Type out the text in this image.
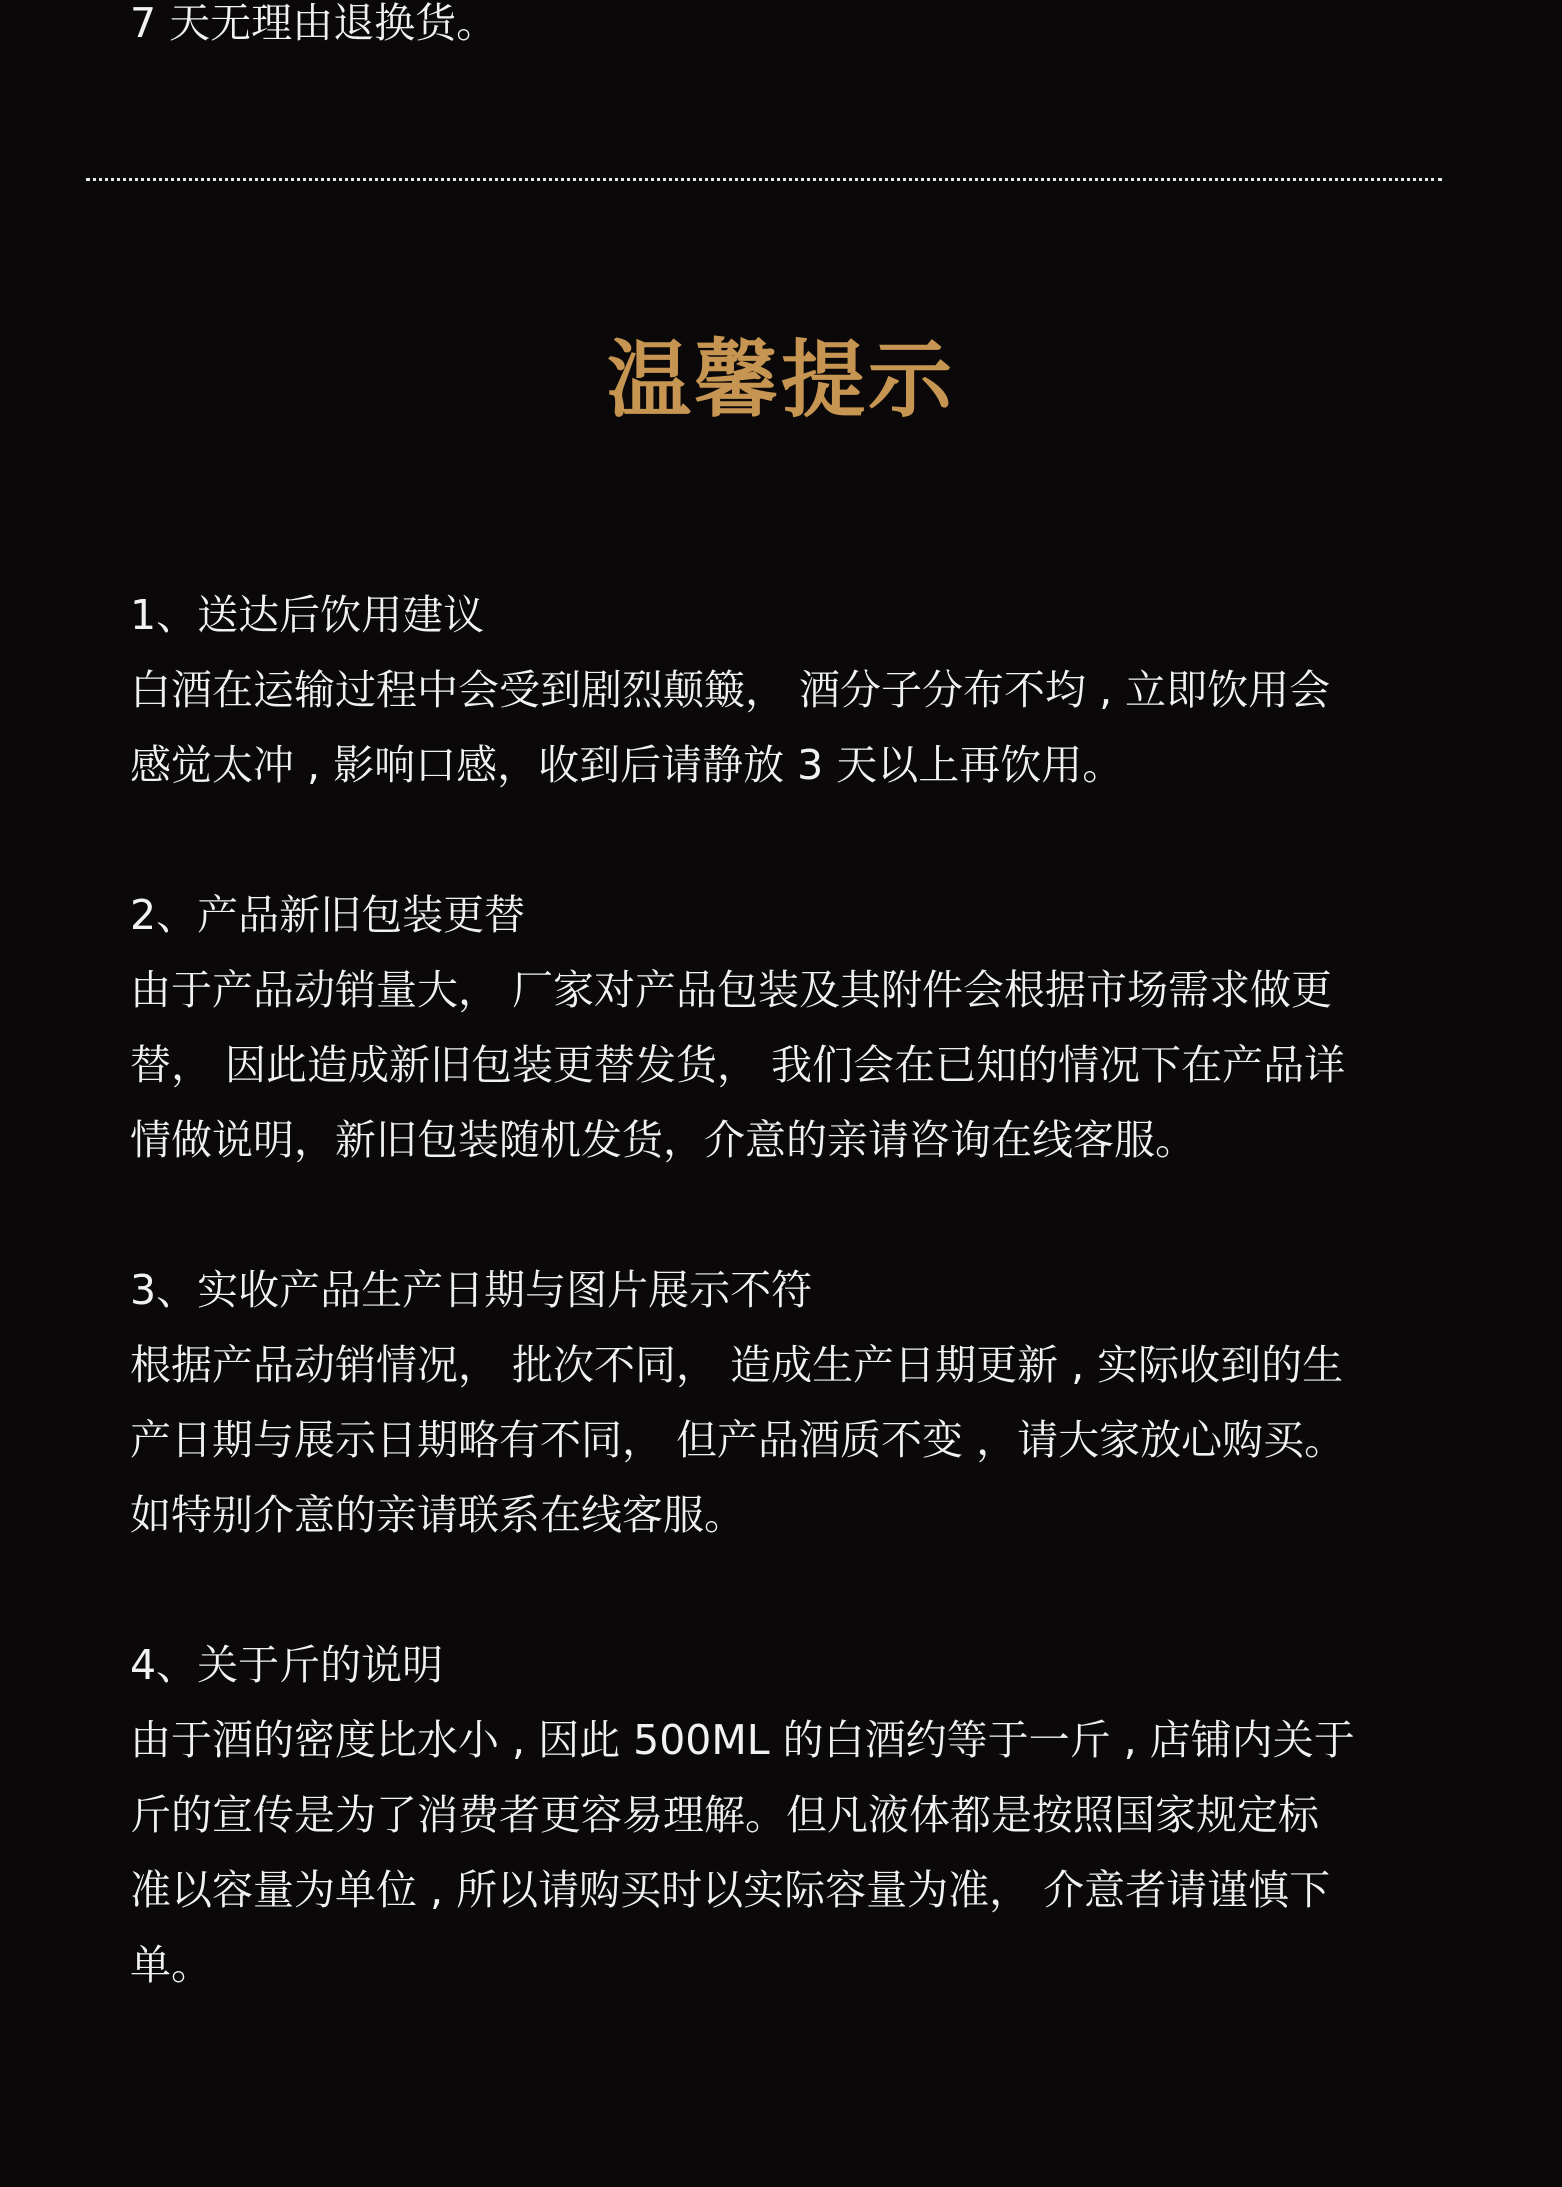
7 天无理由退换货。
温馨提示

1、送达后饮用建议

白酒在运输过程中会受到剧烈颠簸， 酒分子分布不均 , 立即饮用会
感觉太冲 , 影响口感，收到后请静放 3 天以上再饮用。

2、产品新旧包装更替

由于产品动销量大， 厂家对产品包装及其附件会根据市场需求做更
替， 因此造成新旧包装更替发货， 我们会在已知的情况下在产品详
情做说明，新旧包装随机发货，介意的亲请咨询在线客服。

3、实收产品生产日期与图片展示不符

根据产品动销情况， 批次不同， 造成生产日期更新 , 实际收到的生
产日期与展示日期略有不同， 但产品酒质不变 ，请大家放心购买。
如特别介意的亲请联系在线客服。

4、关于斤的说明

由于酒的密度比水小 , 因此 500ML 的白酒约等于一斤 , 店铺内关于
斤的宣传是为了消费者更容易理解。但凡液体都是按照国家规定标
准以容量为单位 , 所以请购买时以实际容量为准， 介意者请谨慎下
单。
